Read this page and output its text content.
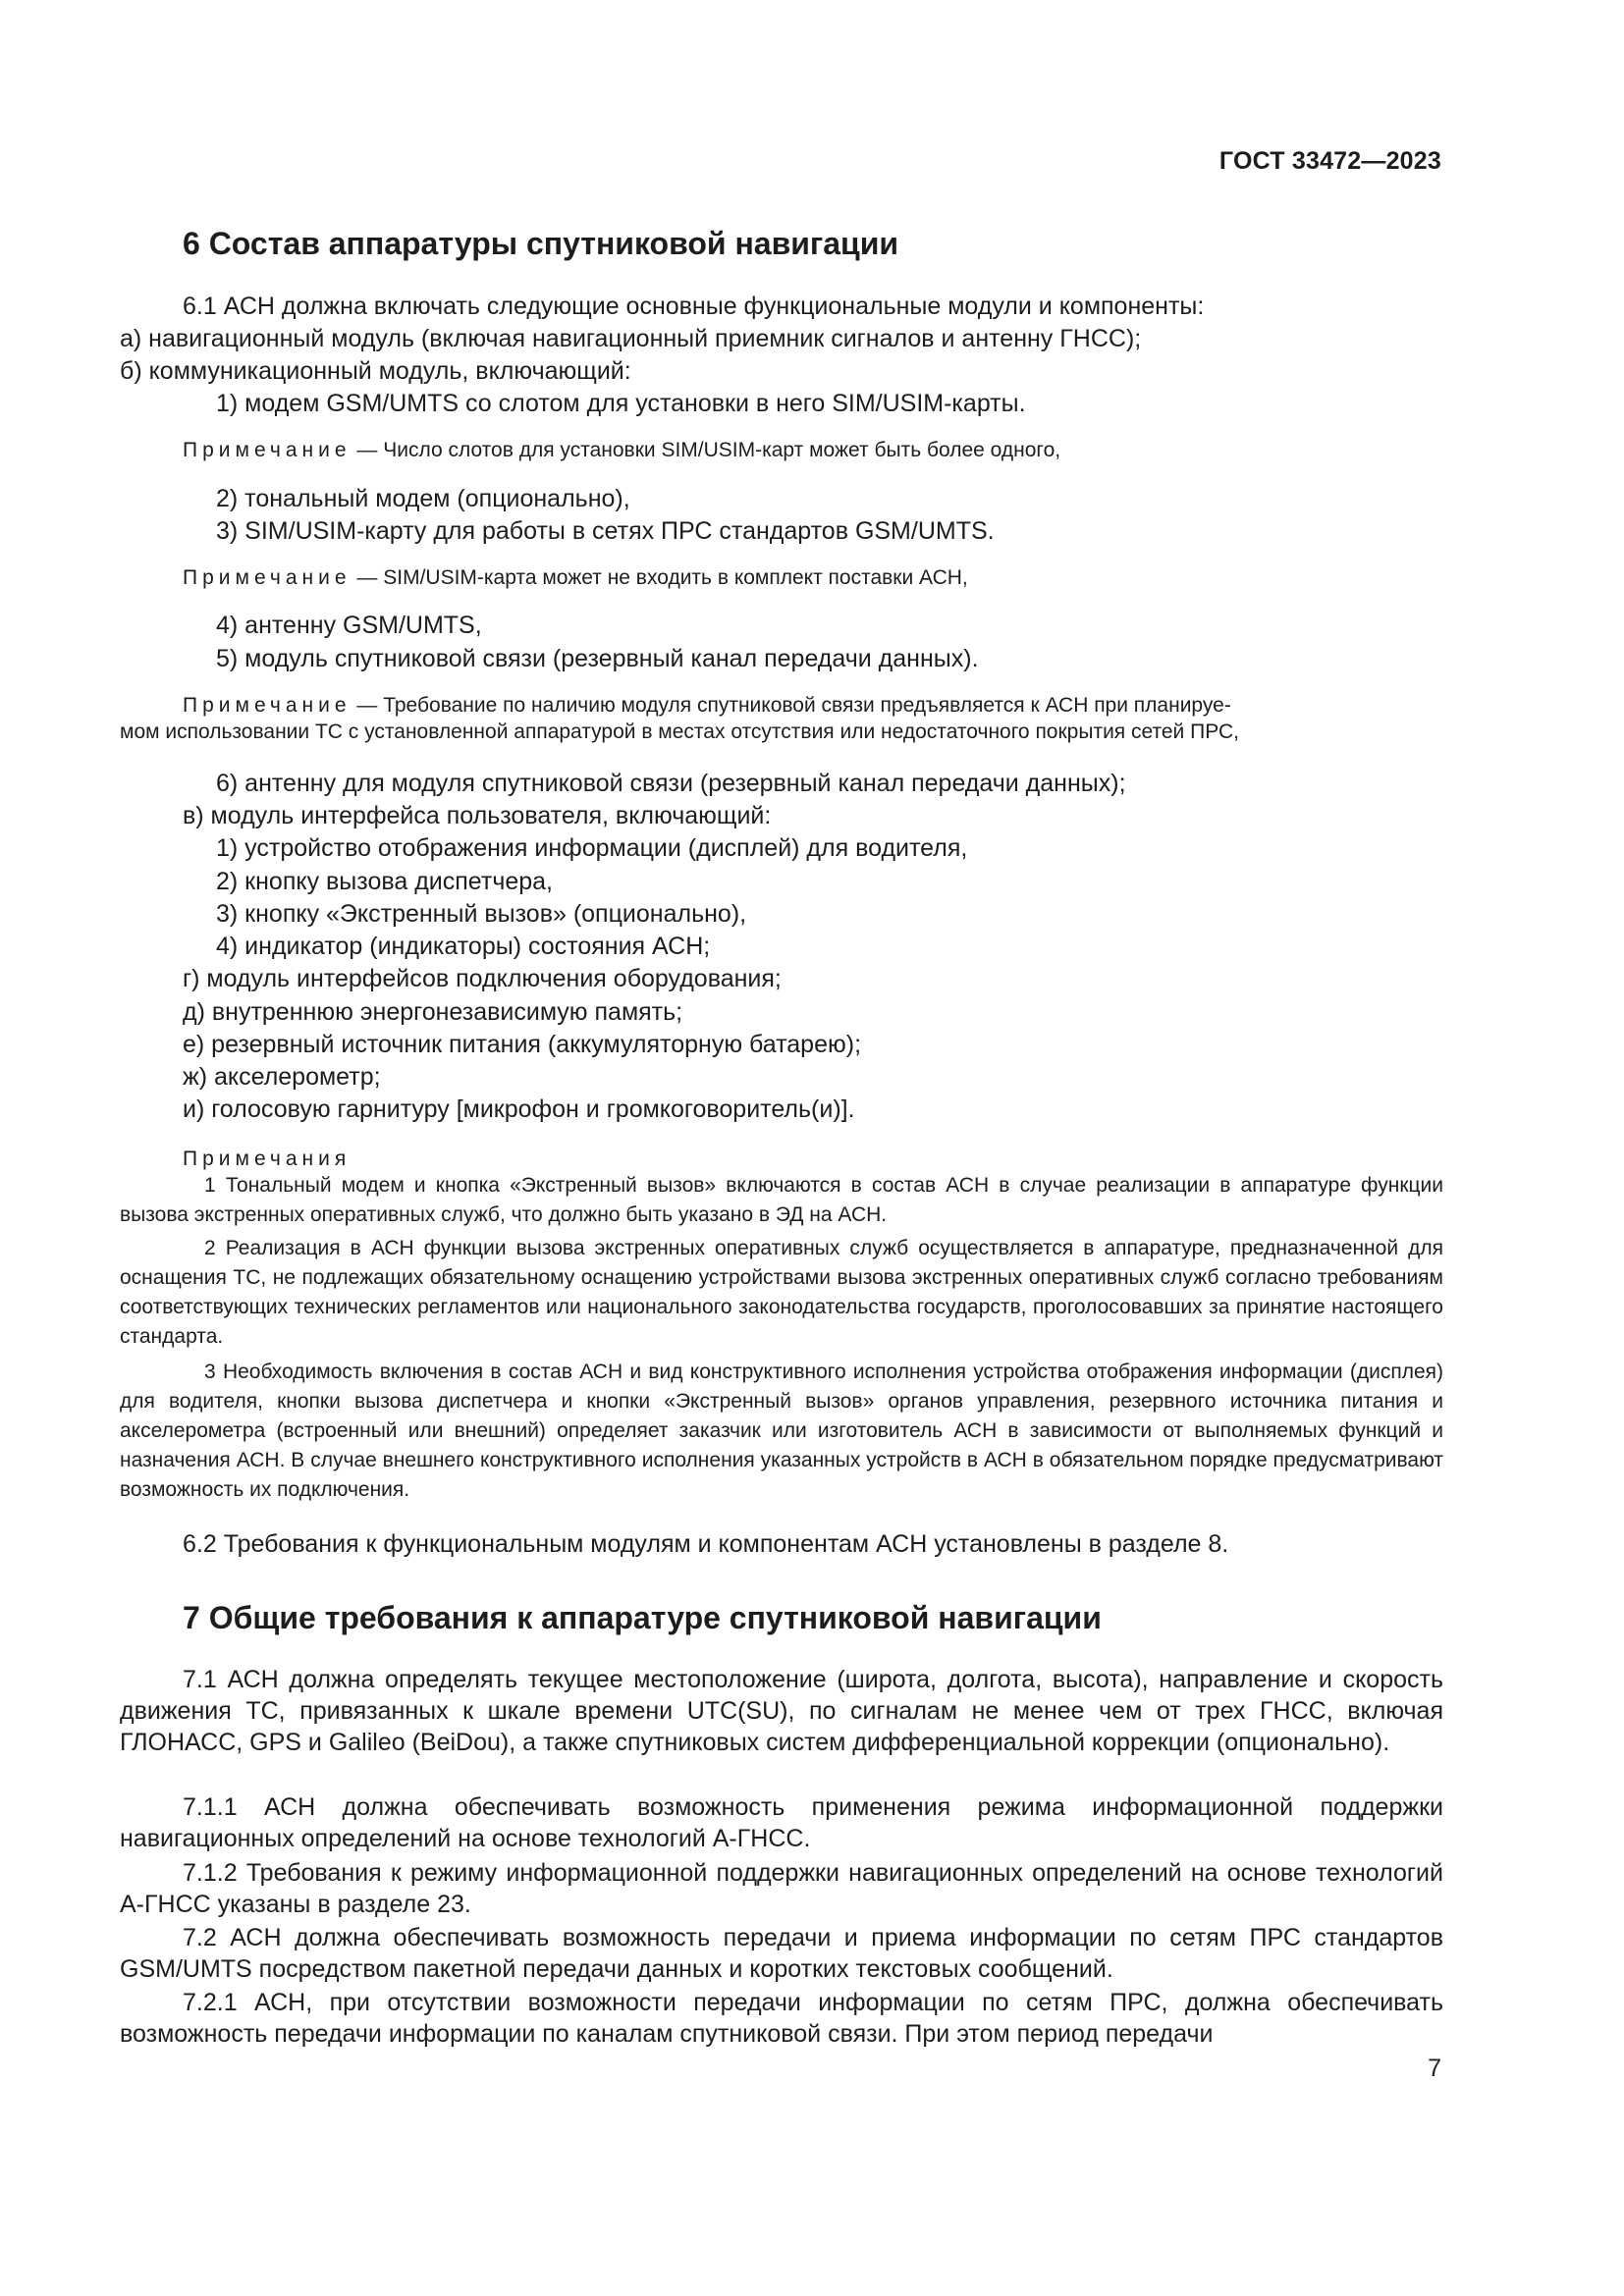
ГОСТ 33472—2023
6 Состав аппаратуры спутниковой навигации
6.1 АСН должна включать следующие основные функциональные модули и компоненты:
а) навигационный модуль (включая навигационный приемник сигналов и антенну ГНСС);
б) коммуникационный модуль, включающий:
1) модем GSM/UMTS со слотом для установки в него SIM/USIM-карты.
Примечание — Число слотов для установки SIM/USIM-карт может быть более одного,
2) тональный модем (опционально),
3) SIM/USIM-карту для работы в сетях ПРС стандартов GSM/UMTS.
Примечание — SIM/USIM-карта может не входить в комплект поставки АСН,
4) антенну GSM/UMTS,
5) модуль спутниковой связи (резервный канал передачи данных).
Примечание — Требование по наличию модуля спутниковой связи предъявляется к АСН при планируе-
мом использовании ТС с установленной аппаратурой в местах отсутствия или недостаточного покрытия сетей ПРС,
6) антенну для модуля спутниковой связи (резервный канал передачи данных);
в) модуль интерфейса пользователя, включающий:
1) устройство отображения информации (дисплей) для водителя,
2) кнопку вызова диспетчера,
3) кнопку «Экстренный вызов» (опционально),
4) индикатор (индикаторы) состояния АСН;
г) модуль интерфейсов подключения оборудования;
д) внутреннюю энергонезависимую память;
е) резервный источник питания (аккумуляторную батарею);
ж) акселерометр;
и) голосовую гарнитуру [микрофон и громкоговоритель(и)].
Примечания
1 Тональный модем и кнопка «Экстренный вызов» включаются в состав АСН в случае реализации в аппаратуре функции вызова экстренных оперативных служб, что должно быть указано в ЭД на АСН.
2 Реализация в АСН функции вызова экстренных оперативных служб осуществляется в аппаратуре, предназначенной для оснащения ТС, не подлежащих обязательному оснащению устройствами вызова экстренных оперативных служб согласно требованиям соответствующих технических регламентов или национального законодательства государств, проголосовавших за принятие настоящего стандарта.
3 Необходимость включения в состав АСН и вид конструктивного исполнения устройства отображения информации (дисплея) для водителя, кнопки вызова диспетчера и кнопки «Экстренный вызов» органов управления, резервного источника питания и акселерометра (встроенный или внешний) определяет заказчик или изготовитель АСН в зависимости от выполняемых функций и назначения АСН. В случае внешнего конструктивного исполнения указанных устройств в АСН в обязательном порядке предусматривают возможность их подключения.
6.2 Требования к функциональным модулям и компонентам АСН установлены в разделе 8.
7 Общие требования к аппаратуре спутниковой навигации
7.1 АСН должна определять текущее местоположение (широта, долгота, высота), направление и скорость движения ТС, привязанных к шкале времени UTC(SU), по сигналам не менее чем от трех ГНСС, включая ГЛОНАСС, GPS и Galileo (BeiDou), а также спутниковых систем дифференциальной коррекции (опционально).
7.1.1 АСН должна обеспечивать возможность применения режима информационной поддержки навигационных определений на основе технологий А-ГНСС.
7.1.2 Требования к режиму информационной поддержки навигационных определений на основе технологий А-ГНСС указаны в разделе 23.
7.2 АСН должна обеспечивать возможность передачи и приема информации по сетям ПРС стандартов GSM/UMTS посредством пакетной передачи данных и коротких текстовых сообщений.
7.2.1 АСН, при отсутствии возможности передачи информации по сетям ПРС, должна обеспечивать возможность передачи информации по каналам спутниковой связи. При этом период передачи
7
